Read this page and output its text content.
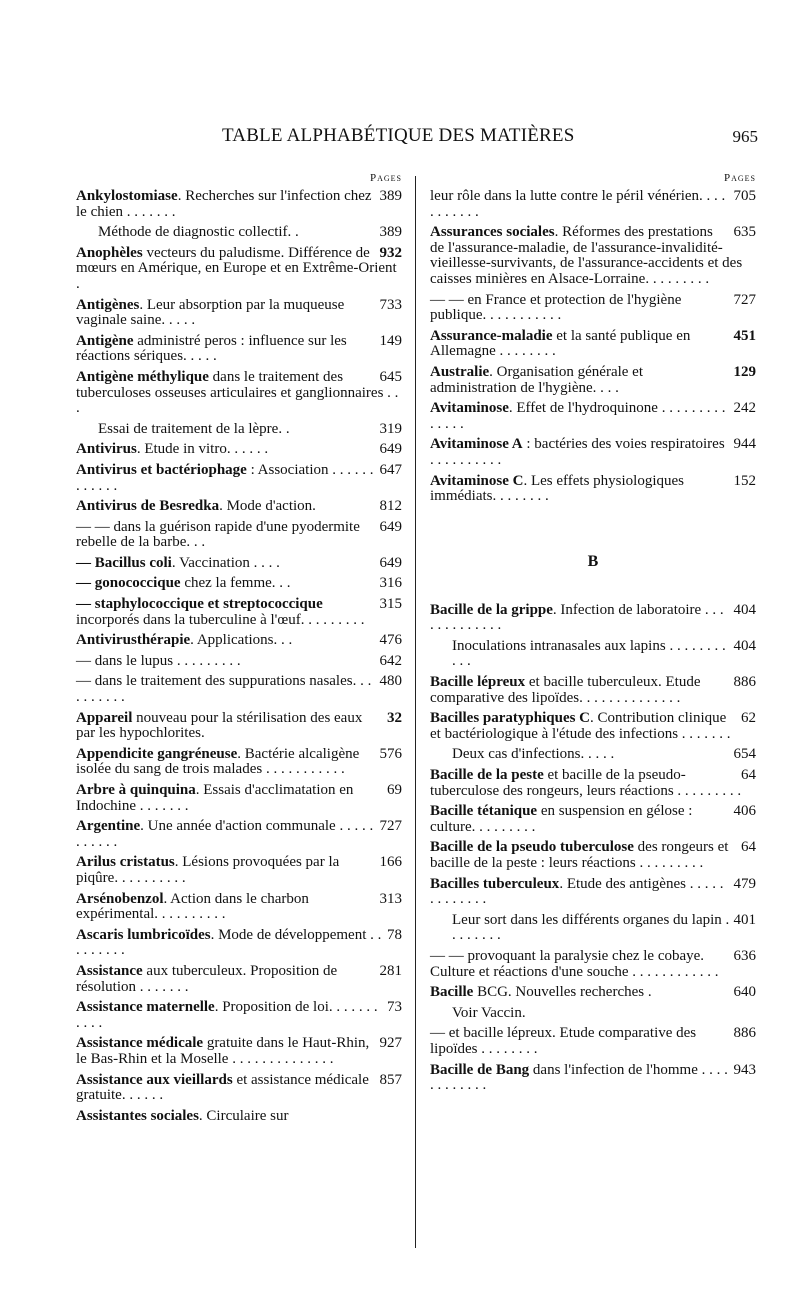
TABLE ALPHABÉTIQUE DES MATIÈRES	965
Pages
389
Ankylostomiase. Recherches sur l'infection chez le chien . . . . . . .
389
Méthode de diagnostic collectif. .
932
Anophèles vecteurs du paludisme. Différence de mœurs en Amérique, en Europe et en Extrême-Orient .
733
Antigènes. Leur absorption par la muqueuse vaginale saine. . . . .
149
Antigène administré peros : influence sur les réactions sériques. . . . .
645
Antigène méthylique dans le traitement des tuberculoses osseuses articulaires et ganglionnaires . . .
319
Essai de traitement de la lèpre. .
649
Antivirus. Etude in vitro. . . . . .
647
Antivirus et bactériophage : Association . . . . . . . . . . . .
812
Antivirus de Besredka. Mode d'action.
649
— — dans la guérison rapide d'une pyodermite rebelle de la barbe. . .
649
— Bacillus coli. Vaccination . . . .
316
— gonococcique chez la femme. . .
315
— staphylococcique et streptococcique incorporés dans la tuberculine à l'œuf. . . . . . . . .
476
Antivirusthérapie. Applications. . .
642
— dans le lupus . . . . . . . . .
480
— dans le traitement des suppurations nasales. . . . . . . . . .
32
Appareil nouveau pour la stérilisation des eaux par les hypochlorites.
576
Appendicite gangréneuse. Bactérie alcaligène isolée du sang de trois malades . . . . . . . . . . .
69
Arbre à quinquina. Essais d'acclimatation en Indochine . . . . . . .
727
Argentine. Une année d'action communale . . . . . . . . . . .
166
Arilus cristatus. Lésions provoquées par la piqûre. . . . . . . . . .
313
Arsénobenzol. Action dans le charbon expérimental. . . . . . . . . .
78
Ascaris lumbricoïdes. Mode de développement . . . . . . . . .
281
Assistance aux tuberculeux. Proposition de résolution . . . . . . .
73
Assistance maternelle. Proposition de loi. . . . . . . . . . .
927
Assistance médicale gratuite dans le Haut-Rhin, le Bas-Rhin et la Moselle . . . . . . . . . . . . . .
857
Assistance aux vieillards et assistance médicale gratuite. . . . . .
Assistantes sociales. Circulaire sur
Pages
705
leur rôle dans la lutte contre le péril vénérien. . . . . . . . . . .
635
Assurances sociales. Réformes des prestations de l'assurance-maladie, de l'assurance-invalidité-vieillesse-survivants, de l'assurance-accidents et des caisses minières en Alsace-Lorraine. . . . . . . . .
727
— — en France et protection de l'hygiène publique. . . . . . . . . . .
451
Assurance-maladie et la santé publique en Allemagne . . . . . . . .
129
Australie. Organisation générale et administration de l'hygiène. . . .
242
Avitaminose. Effet de l'hydroquinone . . . . . . . . . . . . . .
944
Avitaminose A : bactéries des voies respiratoires . . . . . . . . . .
152
Avitaminose C. Les effets physiologiques immédiats. . . . . . . .
B
404
Bacille de la grippe. Infection de laboratoire . . . . . . . . . . . . .
404
Inoculations intranasales aux lapins . . . . . . . . . . .
886
Bacille lépreux et bacille tuberculeux. Etude comparative des lipoïdes. . . . . . . . . . . . . .
62
Bacilles paratyphiques C. Contribution clinique et bactériologique à l'étude des infections . . . . . . .
654
Deux cas d'infections. . . . .
64
Bacille de la peste et bacille de la pseudo-tuberculose des rongeurs, leurs réactions . . . . . . . . .
406
Bacille tétanique en suspension en gélose : culture. . . . . . . . .
64
Bacille de la pseudo tuberculose des rongeurs et bacille de la peste : leurs réactions . . . . . . . . .
479
Bacilles tuberculeux. Etude des antigènes . . . . . . . . . . . . .
401
Leur sort dans les différents organes du lapin . . . . . . . .
636
— — provoquant la paralysie chez le cobaye. Culture et réactions d'une souche . . . . . . . . . . . .
640
Bacille BCG. Nouvelles recherches .
Voir Vaccin.
886
— et bacille lépreux. Etude comparative des lipoïdes . . . . . . . .
943
Bacille de Bang dans l'infection de l'homme . . . . . . . . . . . .
